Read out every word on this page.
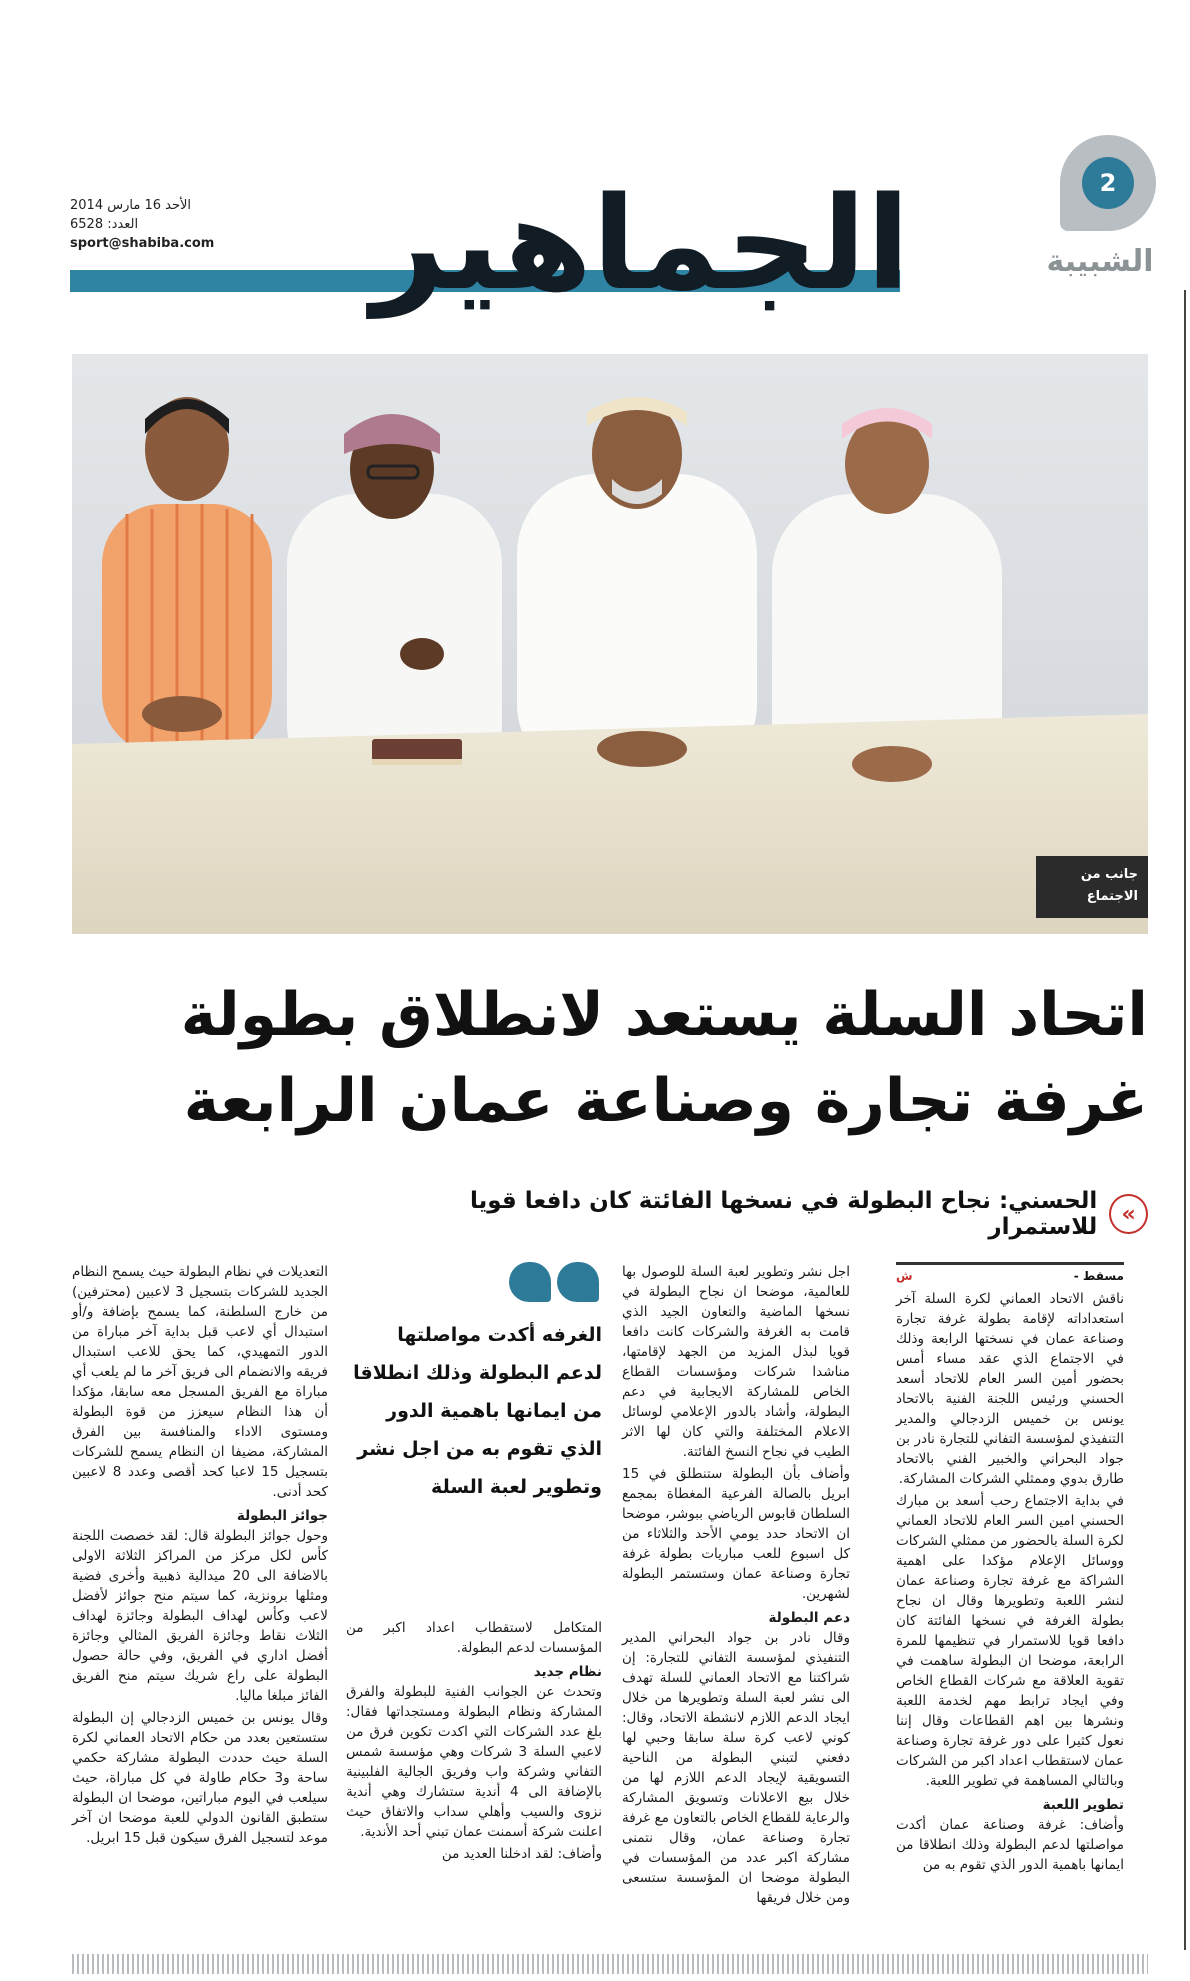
2
الشبيبة
الجماهير
الأحد 16 مارس 2014
العدد: 6528
sport@shabiba.com
جانب من الاجتماع
اتحاد السلة يستعد لانطلاق بطولة
غرفة تجارة وصناعة عمان الرابعة
«
الحسني: نجاح البطولة في نسخها الفائتة كان دافعا قويا للاستمرار
مسقط -
ش

ناقش الاتحاد العماني لكرة السلة آخر استعداداته لإقامة بطولة غرفة تجارة وصناعة عمان في نسختها الرابعة وذلك في الاجتماع الذي عقد مساء أمس بحضور أمين السر العام للاتحاد أسعد الحسني ورئيس اللجنة الفنية بالاتحاد يونس بن خميس الزدجالي والمدير التنفيذي لمؤسسة التفاني للتجارة نادر بن جواد البحراني والخبير الفني بالاتحاد طارق بدوي وممثلي الشركات المشاركة.

في بداية الاجتماع رحب أسعد بن مبارك الحسني امين السر العام للاتحاد العماني لكرة السلة بالحضور من ممثلي الشركات ووسائل الإعلام مؤكدا على اهمية الشراكة مع غرفة تجارة وصناعة عمان لنشر اللعبة وتطويرها وقال ان نجاح بطولة الغرفة في نسخها الفائتة كان دافعا قويا للاستمرار في تنظيمها للمرة الرابعة، موضحا ان البطولة ساهمت في تقوية العلاقة مع شركات القطاع الخاص وفي ايجاد ترابط مهم لخدمة اللعبة ونشرها بين اهم القطاعات وقال إننا نعول كثيرا على دور غرفة تجارة وصناعة عمان لاستقطاب اعداد اكبر من الشركات وبالتالي المساهمة في تطوير اللعبة.

تطوير اللعبة

وأضاف: غرفة وصناعة عمان أكدت مواصلتها لدعم البطولة وذلك انطلاقا من ايمانها باهمية الدور الذي تقوم به من

اجل نشر وتطوير لعبة السلة للوصول بها للعالمية، موضحا ان نجاح البطولة في نسخها الماضية والتعاون الجيد الذي قامت به الغرفة والشركات كانت دافعا قويا لبذل المزيد من الجهد لإقامتها، مناشدا شركات ومؤسسات القطاع الخاص للمشاركة الايجابية في دعم البطولة، وأشاد بالدور الإعلامي لوسائل الاعلام المختلفة والتي كان لها الاثر الطيب في نجاح النسخ الفائتة.

وأضاف بأن البطولة ستنطلق في 15 ابريل بالصالة الفرعية المغطاة بمجمع السلطان قابوس الرياضي ببوشر، موضحا ان الاتحاد حدد يومي الأحد والثلاثاء من كل اسبوع للعب مباريات بطولة غرفة تجارة وصناعة عمان وستستمر البطولة لشهرين.

دعم البطولة

وقال نادر بن جواد البحراني المدير التنفيذي لمؤسسة التفاني للتجارة: إن شراكتنا مع الاتحاد العماني للسلة تهدف الى نشر لعبة السلة وتطويرها من خلال ايجاد الدعم اللازم لانشطة الاتحاد، وقال: كوني لاعب كرة سلة سابقا وحبي لها دفعني لتبني البطولة من الناحية التسويقية لإيجاد الدعم اللازم لها من خلال بيع الاعلانات وتسويق المشاركة والرعاية للقطاع الخاص بالتعاون مع غرفة تجارة وصناعة عمان، وقال نتمنى مشاركة اكبر عدد من المؤسسات في البطولة موضحا ان المؤسسة ستسعى ومن خلال فريقها

الغرفه أكدت مواصلتها لدعم البطولة وذلك انطلاقا من ايمانها باهمية الدور الذي تقوم به من اجل نشر وتطوير لعبة السلة

المتكامل لاستقطاب اعداد اكبر من المؤسسات لدعم البطولة.

نظام جديد

وتحدث عن الجوانب الفنية للبطولة والفرق المشاركة ونظام البطولة ومستجداتها فقال: بلغ عدد الشركات التي اكدت تكوين فرق من لاعبي السلة 3 شركات وهي مؤسسة شمس التفاني وشركة واب وفريق الجالية الفلبينية بالإضافة الى 4 أندية ستشارك وهي أندية نزوى والسيب وأهلي سداب والاتفاق حيث اعلنت شركة أسمنت عمان تبني أحد الأندية.

وأضاف: لقد ادخلنا العديد من

التعديلات في نظام البطولة حيث يسمح النظام الجديد للشركات بتسجيل 3 لاعبين (محترفين) من خارج السلطنة، كما يسمح بإضافة و/أو استبدال أي لاعب قبل بداية آخر مباراة من الدور التمهيدي، كما يحق للاعب استبدال فريقه والانضمام الى فريق آخر ما لم يلعب أي مباراة مع الفريق المسجل معه سابقا، مؤكدا أن هذا النظام سيعزز من قوة البطولة ومستوى الاداء والمنافسة بين الفرق المشاركة، مضيفا ان النظام يسمح للشركات بتسجيل 15 لاعبا كحد أقصى وعدد 8 لاعبين كحد أدنى.

جوائز البطولة

وحول جوائز البطولة قال: لقد خصصت اللجنة كأس لكل مركز من المراكز الثلاثة الاولى بالاضافة الى 20 ميدالية ذهبية وأخرى فضية ومثلها برونزية، كما سيتم منح جوائز لأفضل لاعب وكأس لهداف البطولة وجائزة لهداف الثلاث نقاط وجائزة الفريق المثالي وجائزة أفضل اداري في الفريق، وفي حالة حصول البطولة على راع شريك سيتم منح الفريق الفائز مبلغا ماليا.

وقال يونس بن خميس الزدجالي إن البطولة ستستعين بعدد من حكام الاتحاد العماني لكرة السلة حيث حددت البطولة مشاركة حكمي ساحة و3 حكام طاولة في كل مباراة، حيث سيلعب في اليوم مباراتين، موضحا ان البطولة ستطبق القانون الدولي للعبة موضحا ان آخر موعد لتسجيل الفرق سيكون قبل 15 ابريل.
